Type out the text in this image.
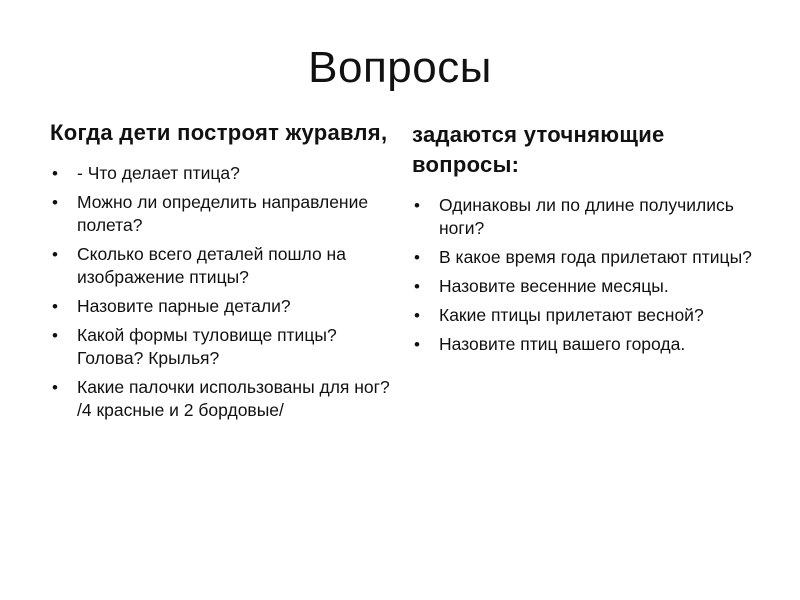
Вопросы
Когда дети построят журавля,
• - Что делает птица?
• Можно ли определить направление полета?
• Сколько всего деталей пошло на изображение птицы?
• Назовите парные детали?
• Какой формы туловище птицы? Голова? Крылья?
• Какие палочки использованы для ног? /4 красные и 2 бордовые/
задаются уточняющие вопросы:
• Одинаковы ли по длине получились ноги?
• В какое время года прилетают птицы?
• Назовите весенние месяцы.
• Какие птицы прилетают весной?
• Назовите птиц вашего города.
